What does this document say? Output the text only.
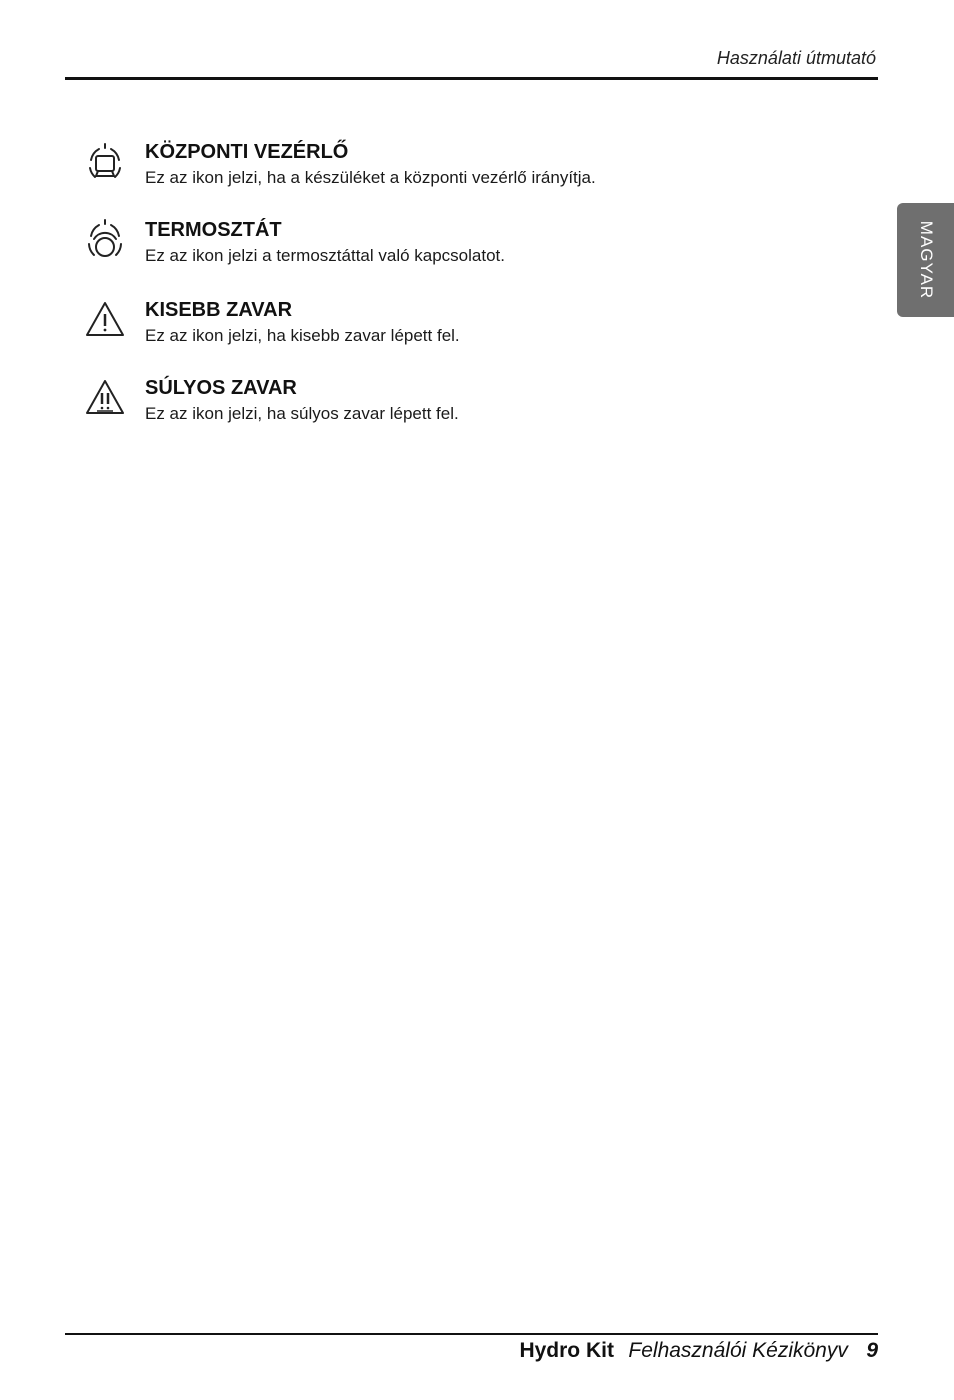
Használati útmutató
MAGYAR
KÖZPONTI VEZÉRLŐ
Ez az ikon jelzi, ha a készüléket a központi vezérlő irányítja.
TERMOSZTÁT
Ez az ikon jelzi a termosztáttal való kapcsolatot.
KISEBB ZAVAR
Ez az ikon jelzi, ha kisebb zavar lépett fel.
SÚLYOS ZAVAR
Ez az ikon jelzi, ha súlyos zavar lépett fel.
Hydro Kit Felhasználói Kézikönyv 9
